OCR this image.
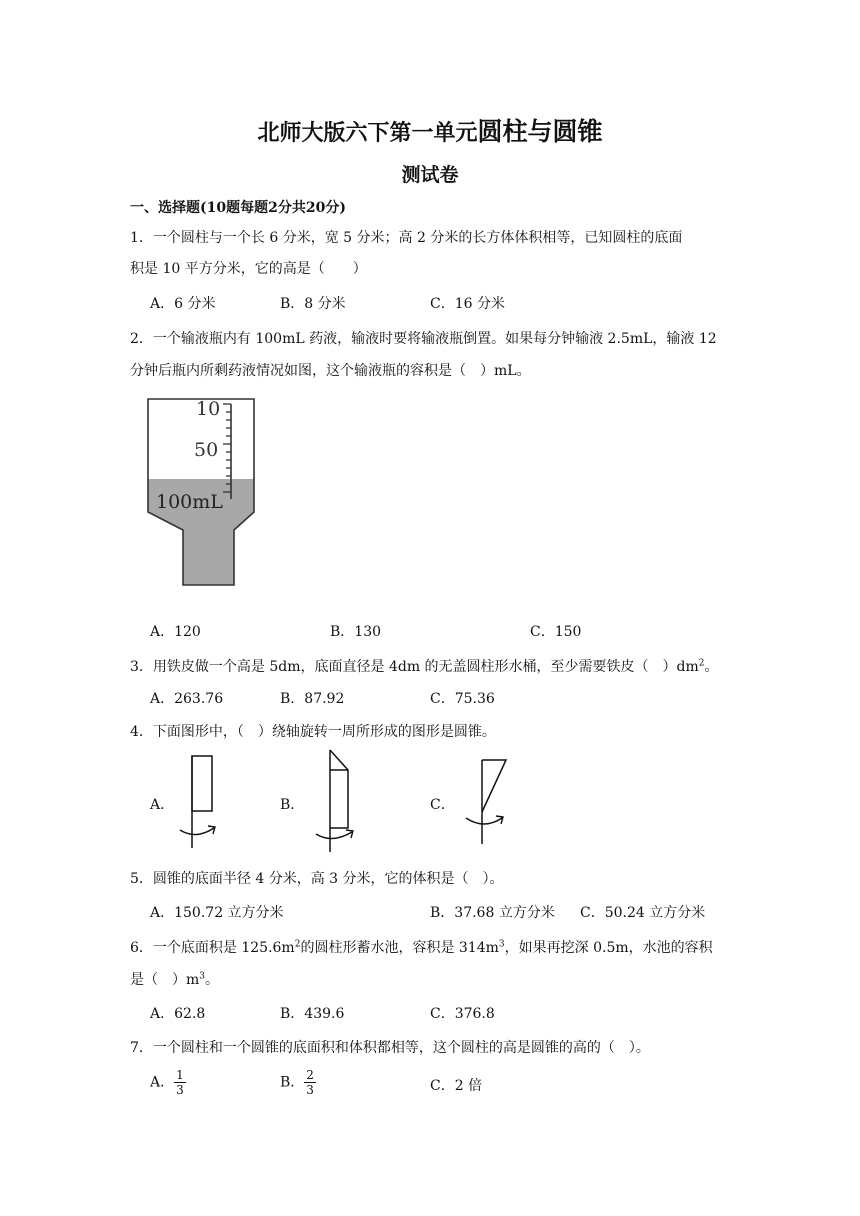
北师大版六下第一单元圆柱与圆锥
测试卷
一、选择题(10题每题2分共20分)
1．一个圆柱与一个长 6 分米，宽 5 分米；高 2 分米的长方体体积相等，已知圆柱的底面
积是 10 平方分米，它的高是（　　）
A．6 分米	B．8 分米	C．16 分米
2．一个输液瓶内有 100mL 药液，输液时要将输液瓶倒置。如果每分钟输液 2.5mL，输液 12
分钟后瓶内所剩药液情况如图，这个输液瓶的容积是（　）mL。
10
50
100mL
A．120	B．130	C．150
3．用铁皮做一个高是 5dm，底面直径是 4dm 的无盖圆柱形水桶，至少需要铁皮（　）$dm^2$。
A．263.76	B．87.92	C．75.36
4．下面图形中，（　）绕轴旋转一周所形成的图形是圆锥。
A．	B．	C．
5．圆锥的底面半径 4 分米，高 3 分米，它的体积是（　）。
A．150.72 立方分米	B．37.68 立方分米 C．50.24 立方分米
6．一个底面积是 $125.6m^2$的圆柱形蓄水池，容积是 $314m^3$，如果再挖深 0.5m，水池的容积
是（　）$m^3$。
A．62.8	B．439.6	C．376.8
7．一个圆柱和一个圆锥的底面积和体积都相等，这个圆柱的高是圆锥的高的（　）。
A． $\frac{1}{3}$	B． $\frac{2}{3}$	C．2 倍
